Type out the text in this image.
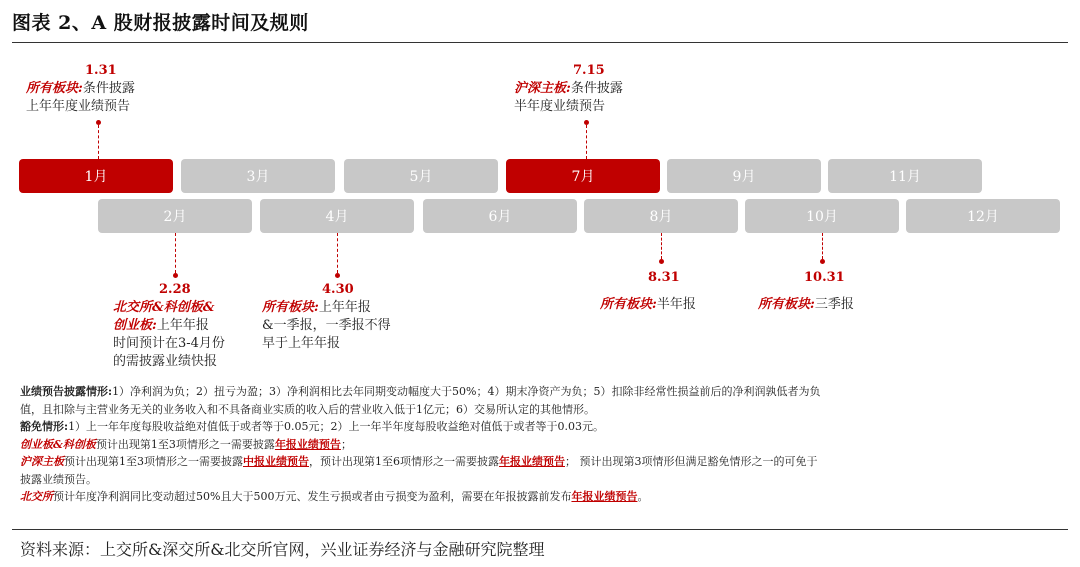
图表 2、A 股财报披露时间及规则
1月	3月	5月	7月	9月	11月
2月	4月	6月	8月	10月	12月
1.31
所有板块:条件披露
上年年度业绩预告
7.15
沪深主板:条件披露
半年度业绩预告
2.28
北交所&科创板&
创业板:上年年报
时间预计在3-4月份
的需披露业绩快报
4.30
所有板块:上年年报
&一季报，一季报不得
早于上年年报
8.31
所有板块:半年报
10.31
所有板块:三季报
业绩预告披露情形:1）净利润为负；2）扭亏为盈；3）净利润相比去年同期变动幅度大于50%；4）期末净资产为负；5）扣除非经常性损益前后的净利润孰低者为负
值，且扣除与主营业务无关的业务收入和不具备商业实质的收入后的营业收入低于1亿元；6）交易所认定的其他情形。
豁免情形:1）上一年年度每股收益绝对值低于或者等于0.05元；2）上一年半年度每股收益绝对值低于或者等于0.03元。
创业板&科创板预计出现第1至3项情形之一需要披露年报业绩预告；
沪深主板预计出现第1至3项情形之一需要披露中报业绩预告，预计出现第1至6项情形之一需要披露年报业绩预告； 预计出现第3项情形但满足豁免情形之一的可免于
披露业绩预告。
北交所预计年度净利润同比变动超过50%且大于500万元、发生亏损或者由亏损变为盈利，需要在年报披露前发布年报业绩预告。
资料来源：上交所&深交所&北交所官网，兴业证券经济与金融研究院整理
